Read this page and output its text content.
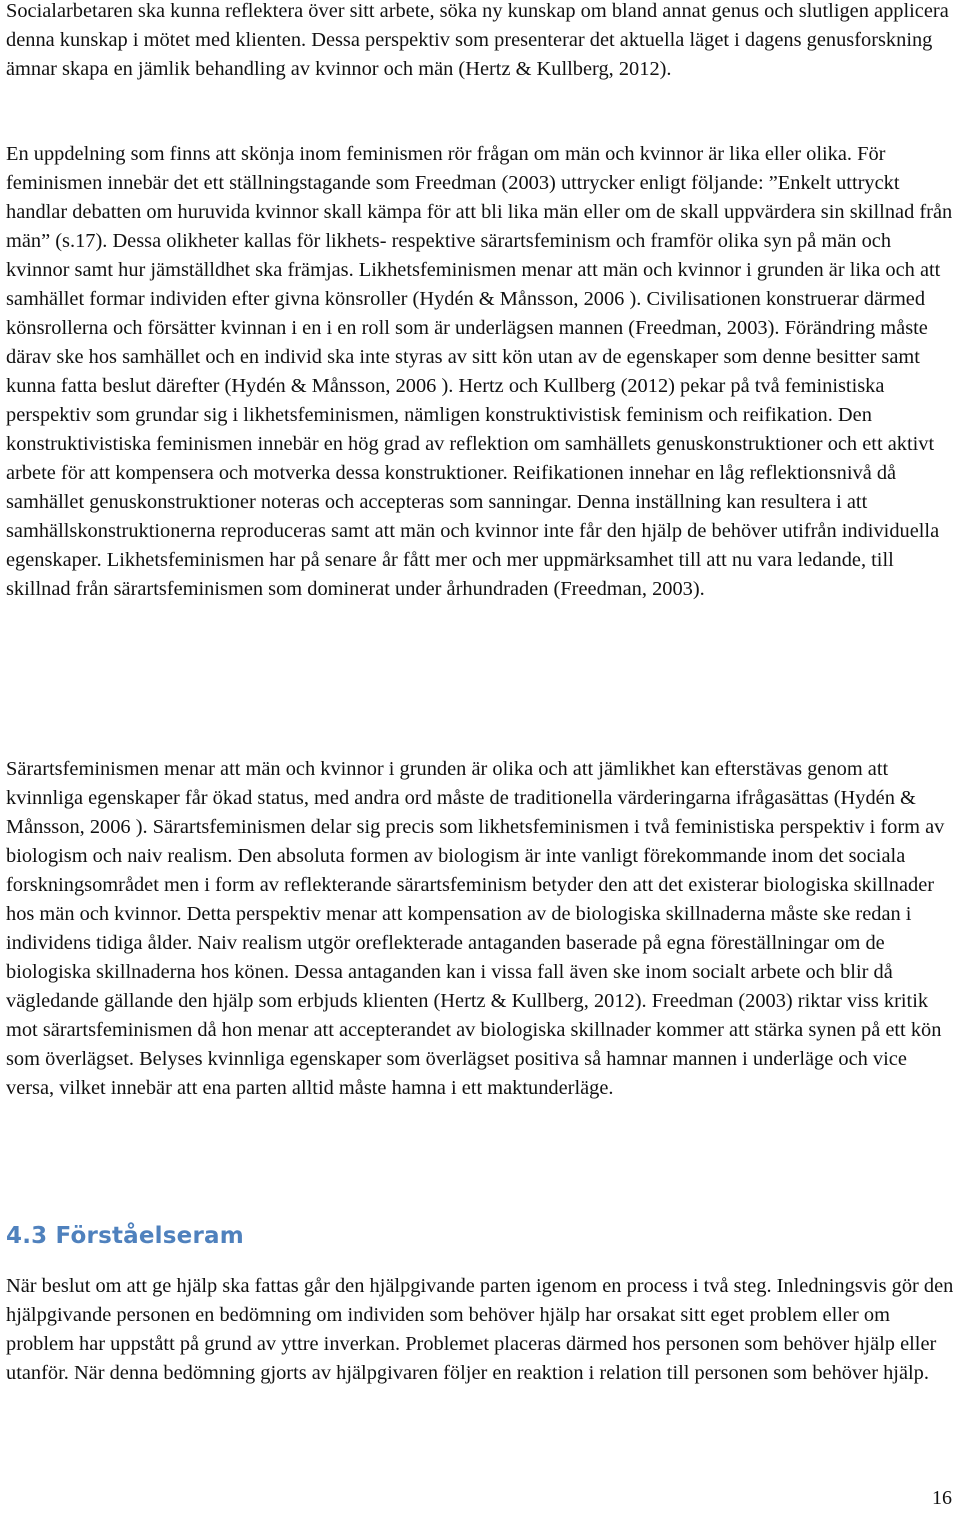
Socialarbetaren ska kunna reflektera över sitt arbete, söka ny kunskap om bland annat genus och slutligen applicera denna kunskap i mötet med klienten. Dessa perspektiv som presenterar det aktuella läget i dagens genusforskning ämnar skapa en jämlik behandling av kvinnor och män (Hertz & Kullberg, 2012).

En uppdelning som finns att skönja inom feminismen rör frågan om män och kvinnor är lika eller olika. För feminismen innebär det ett ställningstagande som Freedman (2003) uttrycker enligt följande: ”Enkelt uttryckt handlar debatten om huruvida kvinnor skall kämpa för att bli lika män eller om de skall uppvärdera sin skillnad från män” (s.17). Dessa olikheter kallas för likhets- respektive särartsfeminism och framför olika syn på män och kvinnor samt hur jämställdhet ska främjas. Likhetsfeminismen menar att män och kvinnor i grunden är lika och att samhället formar individen efter givna könsroller (Hydén & Månsson, 2006 ). Civilisationen konstruerar därmed könsrollerna och försätter kvinnan i en i en roll som är underlägsen mannen (Freedman, 2003). Förändring måste därav ske hos samhället och en individ ska inte styras av sitt kön utan av de egenskaper som denne besitter samt kunna fatta beslut därefter (Hydén & Månsson, 2006 ). Hertz och Kullberg (2012) pekar på två feministiska perspektiv som grundar sig i likhetsfeminismen, nämligen konstruktivistisk feminism och reifikation. Den konstruktivistiska feminismen innebär en hög grad av reflektion om samhällets genuskonstruktioner och ett aktivt arbete för att kompensera och motverka dessa konstruktioner. Reifikationen innehar en låg reflektionsnivå då samhället genuskonstruktioner noteras och accepteras som sanningar. Denna inställning kan resultera i att samhällskonstruktionerna reproduceras samt att män och kvinnor inte får den hjälp de behöver utifrån individuella egenskaper. Likhetsfeminismen har på senare år fått mer och mer uppmärksamhet till att nu vara ledande, till skillnad från särartsfeminismen som dominerat under århundraden (Freedman, 2003).

Särartsfeminismen menar att män och kvinnor i grunden är olika och att jämlikhet kan efterstävas genom att kvinnliga egenskaper får ökad status, med andra ord måste de traditionella värderingarna ifrågasättas (Hydén & Månsson, 2006 ). Särartsfeminismen delar sig precis som likhetsfeminismen i två feministiska perspektiv i form av biologism och naiv realism. Den absoluta formen av biologism är inte vanligt förekommande inom det sociala forskningsområdet men i form av reflekterande särartsfeminism betyder den att det existerar biologiska skillnader hos män och kvinnor. Detta perspektiv menar att kompensation av de biologiska skillnaderna måste ske redan i individens tidiga ålder. Naiv realism utgör oreflekterade antaganden baserade på egna föreställningar om de biologiska skillnaderna hos könen. Dessa antaganden kan i vissa fall även ske inom socialt arbete och blir då vägledande gällande den hjälp som erbjuds klienten (Hertz & Kullberg, 2012). Freedman (2003) riktar viss kritik mot särartsfeminismen då hon menar att accepterandet av biologiska skillnader kommer att stärka synen på ett kön som överlägset. Belyses kvinnliga egenskaper som överlägset positiva så hamnar mannen i underläge och vice versa, vilket innebär att ena parten alltid måste hamna i ett maktunderläge.

4.3 Förståelseram

När beslut om att ge hjälp ska fattas går den hjälpgivande parten igenom en process i två steg. Inledningsvis gör den hjälpgivande personen en bedömning om individen som behöver hjälp har orsakat sitt eget problem eller om problem har uppstått på grund av yttre inverkan. Problemet placeras därmed hos personen som behöver hjälp eller utanför. När denna bedömning gjorts av hjälpgivaren följer en reaktion i relation till personen som behöver hjälp.

16
